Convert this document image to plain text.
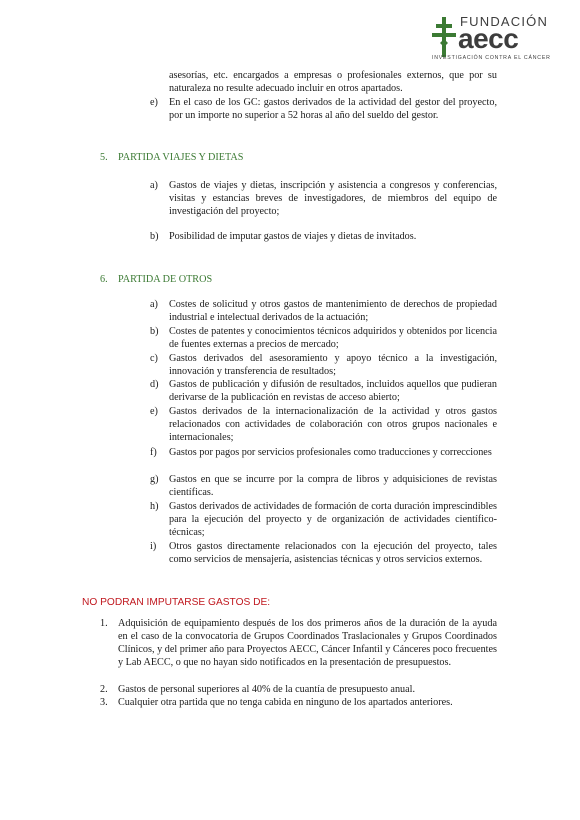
FUNDACIÓN
aecc
INVESTIGACIÓN CONTRA EL CÁNCER

asesorías, etc. encargados a empresas o profesionales externos, que por su naturaleza no resulte adecuado incluir en otros apartados.

e) En el caso de los GC: gastos derivados de la actividad del gestor del proyecto, por un importe no superior a 52 horas al año del sueldo del gestor.

5. PARTIDA VIAJES Y DIETAS
a) Gastos de viajes y dietas, inscripción y asistencia a congresos y conferencias, visitas y estancias breves de investigadores, de miembros del equipo de investigación del proyecto;

b) Posibilidad de imputar gastos de viajes y dietas de invitados.

6. PARTIDA DE OTROS
a) Costes de solicitud y otros gastos de mantenimiento de derechos de propiedad industrial e intelectual derivados de la actuación;

b) Costes de patentes y conocimientos técnicos adquiridos y obtenidos por licencia de fuentes externas a precios de mercado;

c) Gastos derivados del asesoramiento y apoyo técnico a la investigación, innovación y transferencia de resultados;

d) Gastos de publicación y difusión de resultados, incluidos aquellos que pudieran derivarse de la publicación en revistas de acceso abierto;

e) Gastos derivados de la internacionalización de la actividad y otros gastos relacionados con actividades de colaboración con otros grupos nacionales e internacionales;

f) Gastos por pagos por servicios profesionales como traducciones y correcciones

g) Gastos en que se incurre por la compra de libros y adquisiciones de revistas científicas.

h) Gastos derivados de actividades de formación de corta duración imprescindibles para la ejecución del proyecto y de organización de actividades científico-técnicas;

i) Otros gastos directamente relacionados con la ejecución del proyecto, tales como servicios de mensajería, asistencias técnicas y otros servicios externos.

NO PODRAN IMPUTARSE GASTOS DE:
1. Adquisición de equipamiento después de los dos primeros años de la duración de la ayuda en el caso de la convocatoria de Grupos Coordinados Traslacionales y Grupos Coordinados Clínicos, y del primer año para Proyectos AECC, Cáncer Infantil y Cánceres poco frecuentes y Lab AECC, o que no hayan sido notificados en la presentación de presupuestos.

2. Gastos de personal superiores al 40% de la cuantía de presupuesto anual.

3. Cualquier otra partida que no tenga cabida en ninguno de los apartados anteriores.
